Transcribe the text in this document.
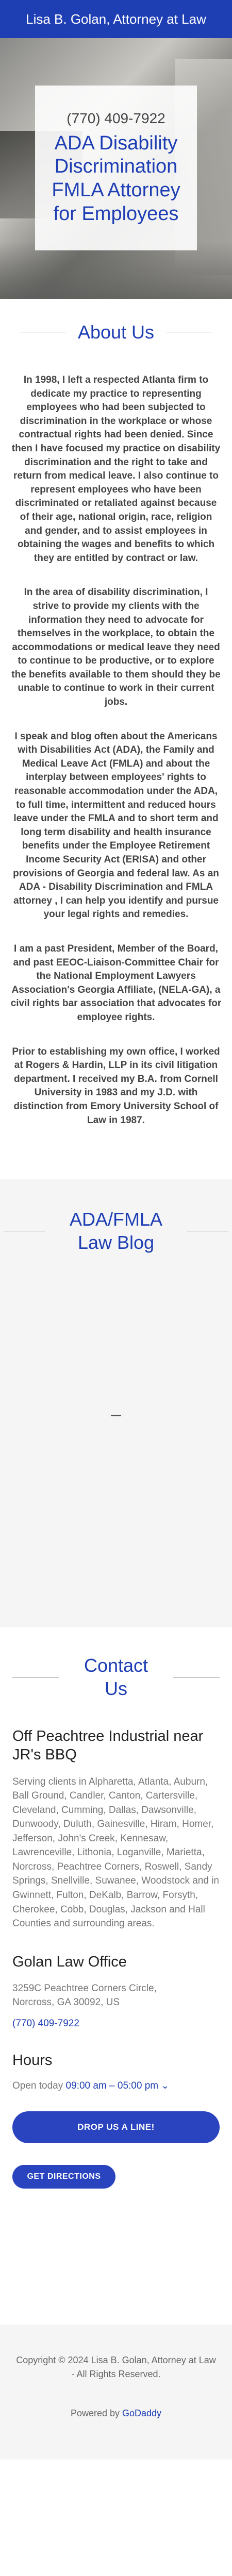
Lisa B. Golan, Attorney at Law
(770) 409-7922
ADA Disability Discrimination FMLA Attorney for Employees
About Us

In 1998, I left a respected Atlanta firm to dedicate my practice to representing employees who had been subjected to discrimination in the workplace or whose contractual rights had been denied. Since then I have focused my practice on disability discrimination and the right to take and return from medical leave. I also continue to represent employees who have been discriminated or retaliated against because of their age, national origin, race, religion and gender, and to assist employees in obtaining the wages and benefits to which they are entitled by contract or law.

In the area of disability discrimination, I strive to provide my clients with the information they need to advocate for themselves in the workplace, to obtain the accommodations or medical leave they need to continue to be productive, or to explore the benefits available to them should they be unable to continue to work in their current jobs.

I speak and blog often about the Americans with Disabilities Act (ADA), the Family and Medical Leave Act (FMLA) and about the interplay between employees' rights to reasonable accommodation under the ADA, to full time, intermittent and reduced hours leave under the FMLA and to short term and long term disability and health insurance benefits under the Employee Retirement Income Security Act (ERISA) and other provisions of Georgia and federal law. As an ADA - Disability Discrimination and FMLA attorney , I can help you identify and pursue your legal rights and remedies.

I am a past President, Member of the Board, and past EEOC-Liaison-Committee Chair for the National Employment Lawyers Association's Georgia Affiliate, (NELA-GA), a civil rights bar association that advocates for employee rights.

Prior to establishing my own office, I worked at Rogers & Hardin, LLP in its civil litigation department. I received my B.A. from Cornell University in 1983 and my J.D. with distinction from Emory University School of Law in 1987.

ADA/FMLA Law Blog
Contact Us
Off Peachtree Industrial near JR's BBQ

Serving clients in Alpharetta, Atlanta, Auburn, Ball Ground, Candler, Canton, Cartersville, Cleveland, Cumming, Dallas, Dawsonville, Dunwoody, Duluth, Gainesville, Hiram, Homer, Jefferson, John's Creek, Kennesaw, Lawrenceville, Lithonia, Loganville, Marietta, Norcross, Peachtree Corners, Roswell, Sandy Springs, Snellville, Suwanee, Woodstock and in Gwinnett, Fulton, DeKalb, Barrow, Forsyth, Cherokee, Cobb, Douglas, Jackson and Hall Counties and surrounding areas.

Golan Law Office

3259C Peachtree Corners Circle,

Norcross, GA 30092, US

(770) 409-7922
Hours

Open today 09:00 am – 05:00 pm ⌄

DROP US A LINE!
GET DIRECTIONS

Copyright © 2024 Lisa B. Golan, Attorney at Law - All Rights Reserved.

Powered by GoDaddy
